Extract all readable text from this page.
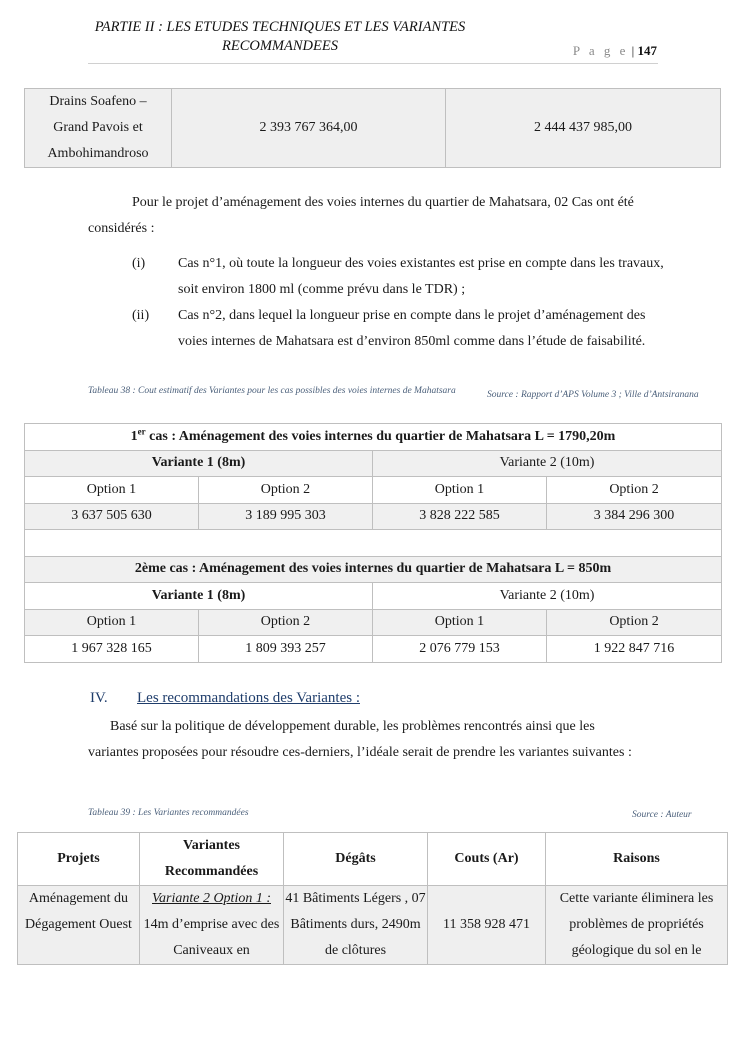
PARTIE II : LES ETUDES TECHNIQUES ET LES VARIANTES
RECOMMANDEES	P a g e | 147
Drains Soafeno –
Grand Pavois et
Ambohimandroso
	2 393 767 364,00	2 444 437 985,00
Pour le projet d’aménagement des voies internes du quartier de Mahatsara, 02 Cas ont été considérés :
(i) Cas n°1, où toute la longueur des voies existantes est prise en compte dans les travaux, soit environ 1800 ml (comme prévu dans le TDR) ;
(ii) Cas n°2, dans lequel la longueur prise en compte dans le projet d’aménagement des voies internes de Mahatsara est d’environ 850ml comme dans l’étude de faisabilité.
Tableau 38 : Cout estimatif des Variantes pour les cas possibles des voies internes de Mahatsara	Source : Rapport d’APS Volume 3 ; Ville d’Antsiranana
1er cas : Aménagement des voies internes du quartier de Mahatsara L = 1790,20m			
Variante 1 (8m)		Variante 2 (10m)	
Option 1	Option 2	Option 1	Option 2
3 637 505 630	3 189 995 303	3 828 222 585	3 384 296 300

2ème cas : Aménagement des voies internes du quartier de Mahatsara L = 850m			
Variante 1 (8m)		Variante 2 (10m)	
Option 1	Option 2	Option 1	Option 2
1 967 328 165	1 809 393 257	2 076 779 153	1 922 847 716
IV. Les recommandations des Variantes :
Basé sur la politique de développement durable, les problèmes rencontrés ainsi que les variantes proposées pour résoudre ces-derniers, l’idéale serait de prendre les variantes suivantes :
Tableau 39 : Les Variantes recommandées	Source : Auteur
Projets	Variantes Recommandées	Dégâts	Couts (Ar)	Raisons
Aménagement du Dégagement Ouest	Variante 2 Option 1 : 14m d’emprise avec des Caniveaux en	41 Bâtiments Légers , 07 Bâtiments durs, 2490m de clôtures	11 358 928 471	Cette variante éliminera les problèmes de propriétés géologique du sol en le
